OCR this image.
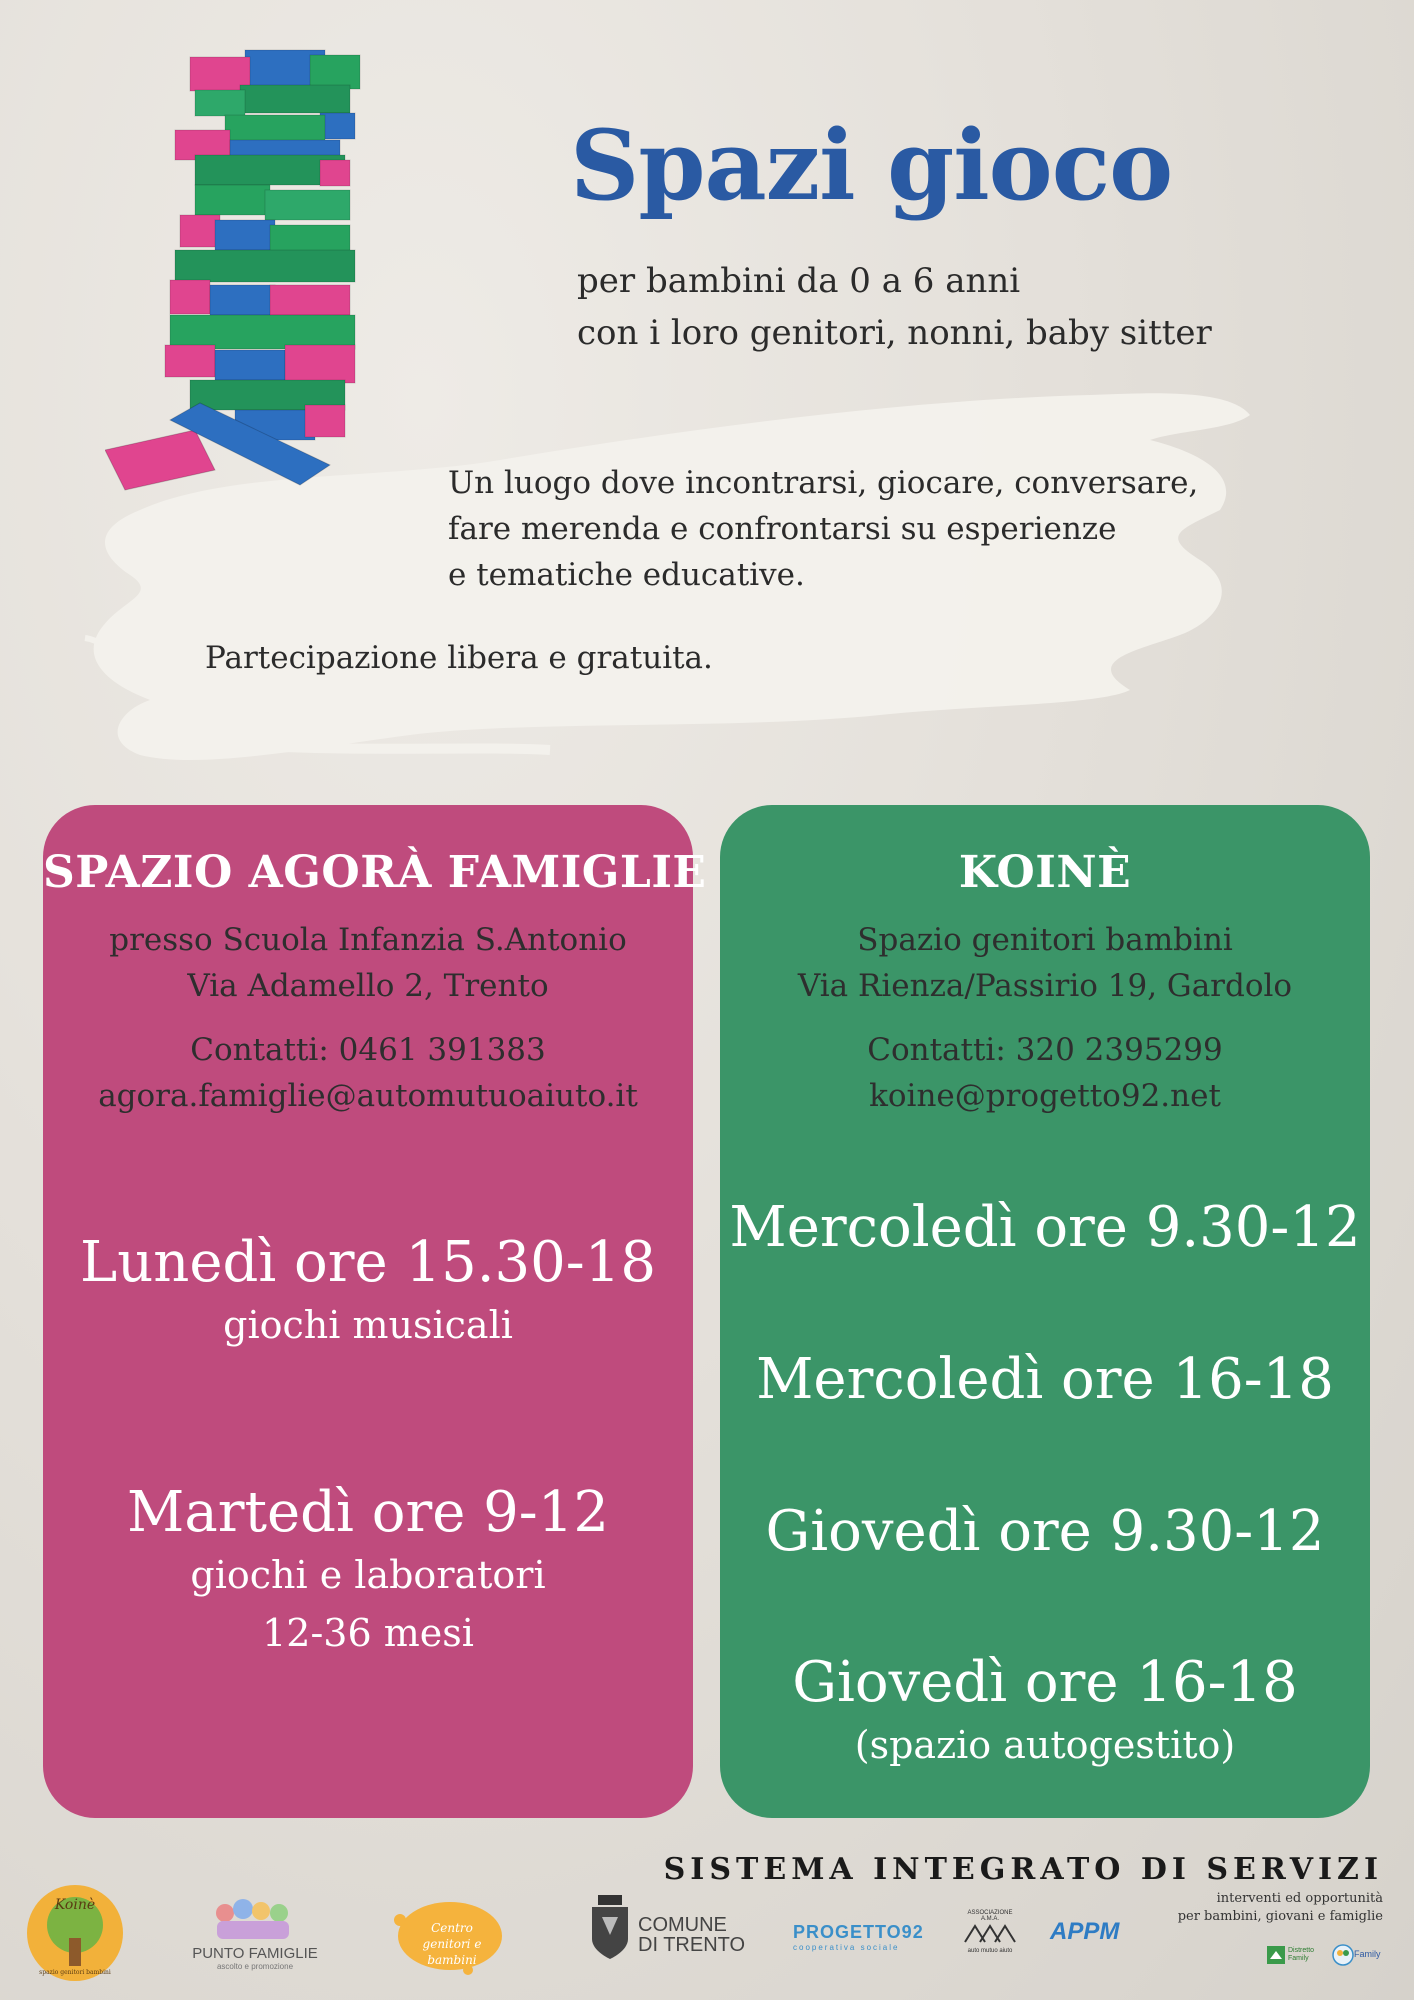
Spazi gioco
per bambini da 0 a 6 anni
con i loro genitori, nonni, baby sitter
Un luogo dove incontrarsi, giocare, conversare,
fare merenda e confrontarsi su esperienze
e tematiche educative.
Partecipazione libera e gratuita.
SPAZIO AGORÀ FAMIGLIE
presso Scuola Infanzia S.Antonio
Via Adamello 2, Trento
Contatti: 0461 391383
agora.famiglie@automutuoaiuto.it
Lunedì ore 15.30-18
giochi musicali
Martedì ore 9-12
giochi e laboratori
12-36 mesi
KOINÈ
Spazio genitori bambini
Via Rienza/Passirio 19, Gardolo
Contatti: 320 2395299
koine@progetto92.net
Mercoledì ore 9.30-12
Mercoledì ore 16-18
Giovedì ore 9.30-12
Giovedì ore 16-18
(spazio autogestito)
SISTEMA INTEGRATO DI SERVIZI
interventi ed opportunità
per bambini, giovani e famiglie
Koinè
spazio genitori bambini
PUNTO FAMIGLIE
ascolto e promozione
Centro genitori e bambini
COMUNE
DI TRENTO
PROGETTO92
cooperativa sociale
ASSOCIAZIONE
A.M.A.
auto mutuo aiuto
APPM
Distretto Family	Family
